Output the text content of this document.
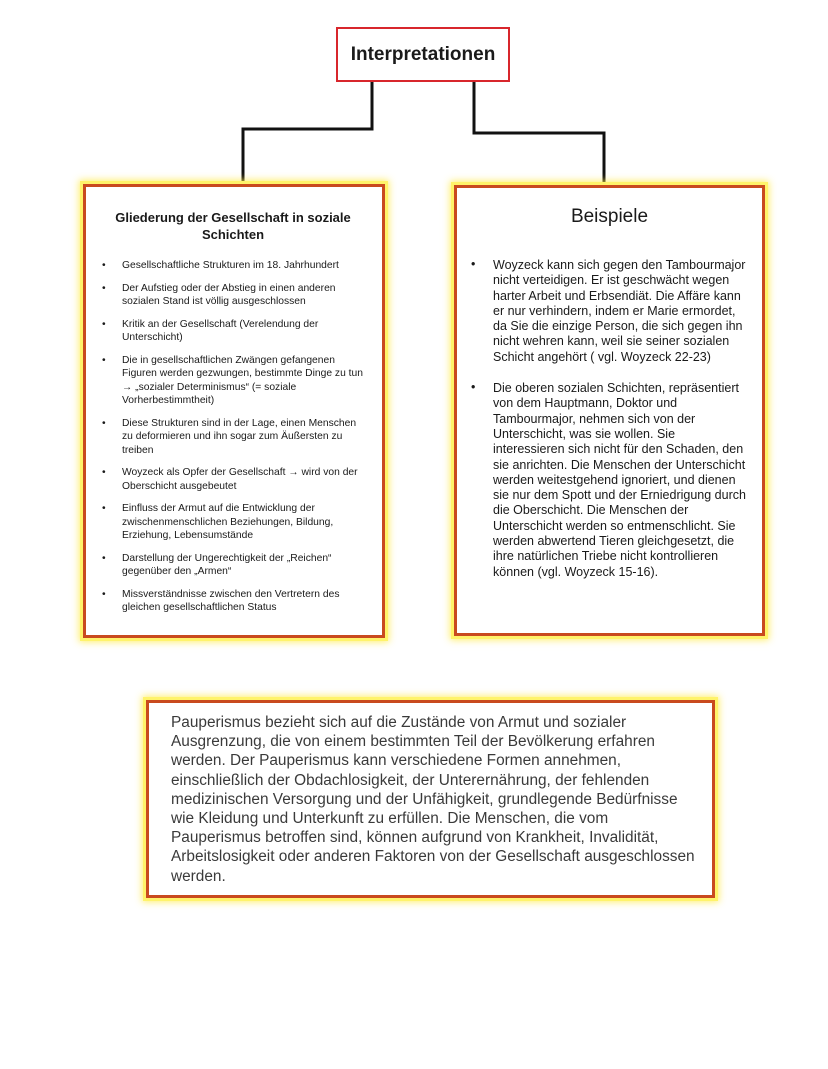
Interpretationen
Gliederung der Gesellschaft in soziale Schichten
• Gesellschaftliche Strukturen im 18. Jahrhundert
• Der Aufstieg oder der Abstieg in einen anderen sozialen Stand ist völlig ausgeschlossen
• Kritik an der Gesellschaft (Verelendung der Unterschicht)
• Die in gesellschaftlichen Zwängen gefangenen Figuren werden gezwungen, bestimmte Dinge zu tun → „sozialer Determinismus“ (= soziale Vorherbestimmtheit)
• Diese Strukturen sind in der Lage, einen Menschen zu deformieren und ihn sogar zum Äußersten zu treiben
• Woyzeck als Opfer der Gesellschaft → wird von der Oberschicht ausgebeutet
• Einfluss der Armut auf die Entwicklung der zwischenmenschlichen Beziehungen, Bildung, Erziehung, Lebensumstände
• Darstellung der Ungerechtigkeit der „Reichen“ gegenüber den „Armen“
• Missverständnisse zwischen den Vertretern des gleichen gesellschaftlichen Status
Beispiele
• Woyzeck kann sich gegen den Tambourmajor nicht verteidigen. Er ist geschwächt wegen harter Arbeit und Erbsendiät. Die Affäre kann er nur verhindern, indem er Marie ermordet, da Sie die einzige Person, die sich gegen ihn nicht wehren kann, weil sie seiner sozialen Schicht angehört ( vgl. Woyzeck 22-23)
• Die oberen sozialen Schichten, repräsentiert von dem Hauptmann, Doktor und Tambourmajor, nehmen sich von der Unterschicht, was sie wollen. Sie interessieren sich nicht für den Schaden, den sie anrichten. Die Menschen der Unterschicht werden weitestgehend ignoriert, und dienen sie nur dem Spott und der Erniedrigung durch die Oberschicht. Die Menschen der Unterschicht werden so entmenschlicht. Sie werden abwertend Tieren gleichgesetzt, die ihre natürlichen Triebe nicht kontrollieren können (vgl. Woyzeck 15-16).

Pauperismus bezieht sich auf die Zustände von Armut und sozialer Ausgrenzung, die von einem bestimmten Teil der Bevölkerung erfahren werden. Der Pauperismus kann verschiedene Formen annehmen, einschließlich der Obdachlosigkeit, der Unterernährung, der fehlenden medizinischen Versorgung und der Unfähigkeit, grundlegende Bedürfnisse wie Kleidung und Unterkunft zu erfüllen. Die Menschen, die vom Pauperismus betroffen sind, können aufgrund von Krankheit, Invalidität, Arbeitslosigkeit oder anderen Faktoren von der Gesellschaft ausgeschlossen werden.
